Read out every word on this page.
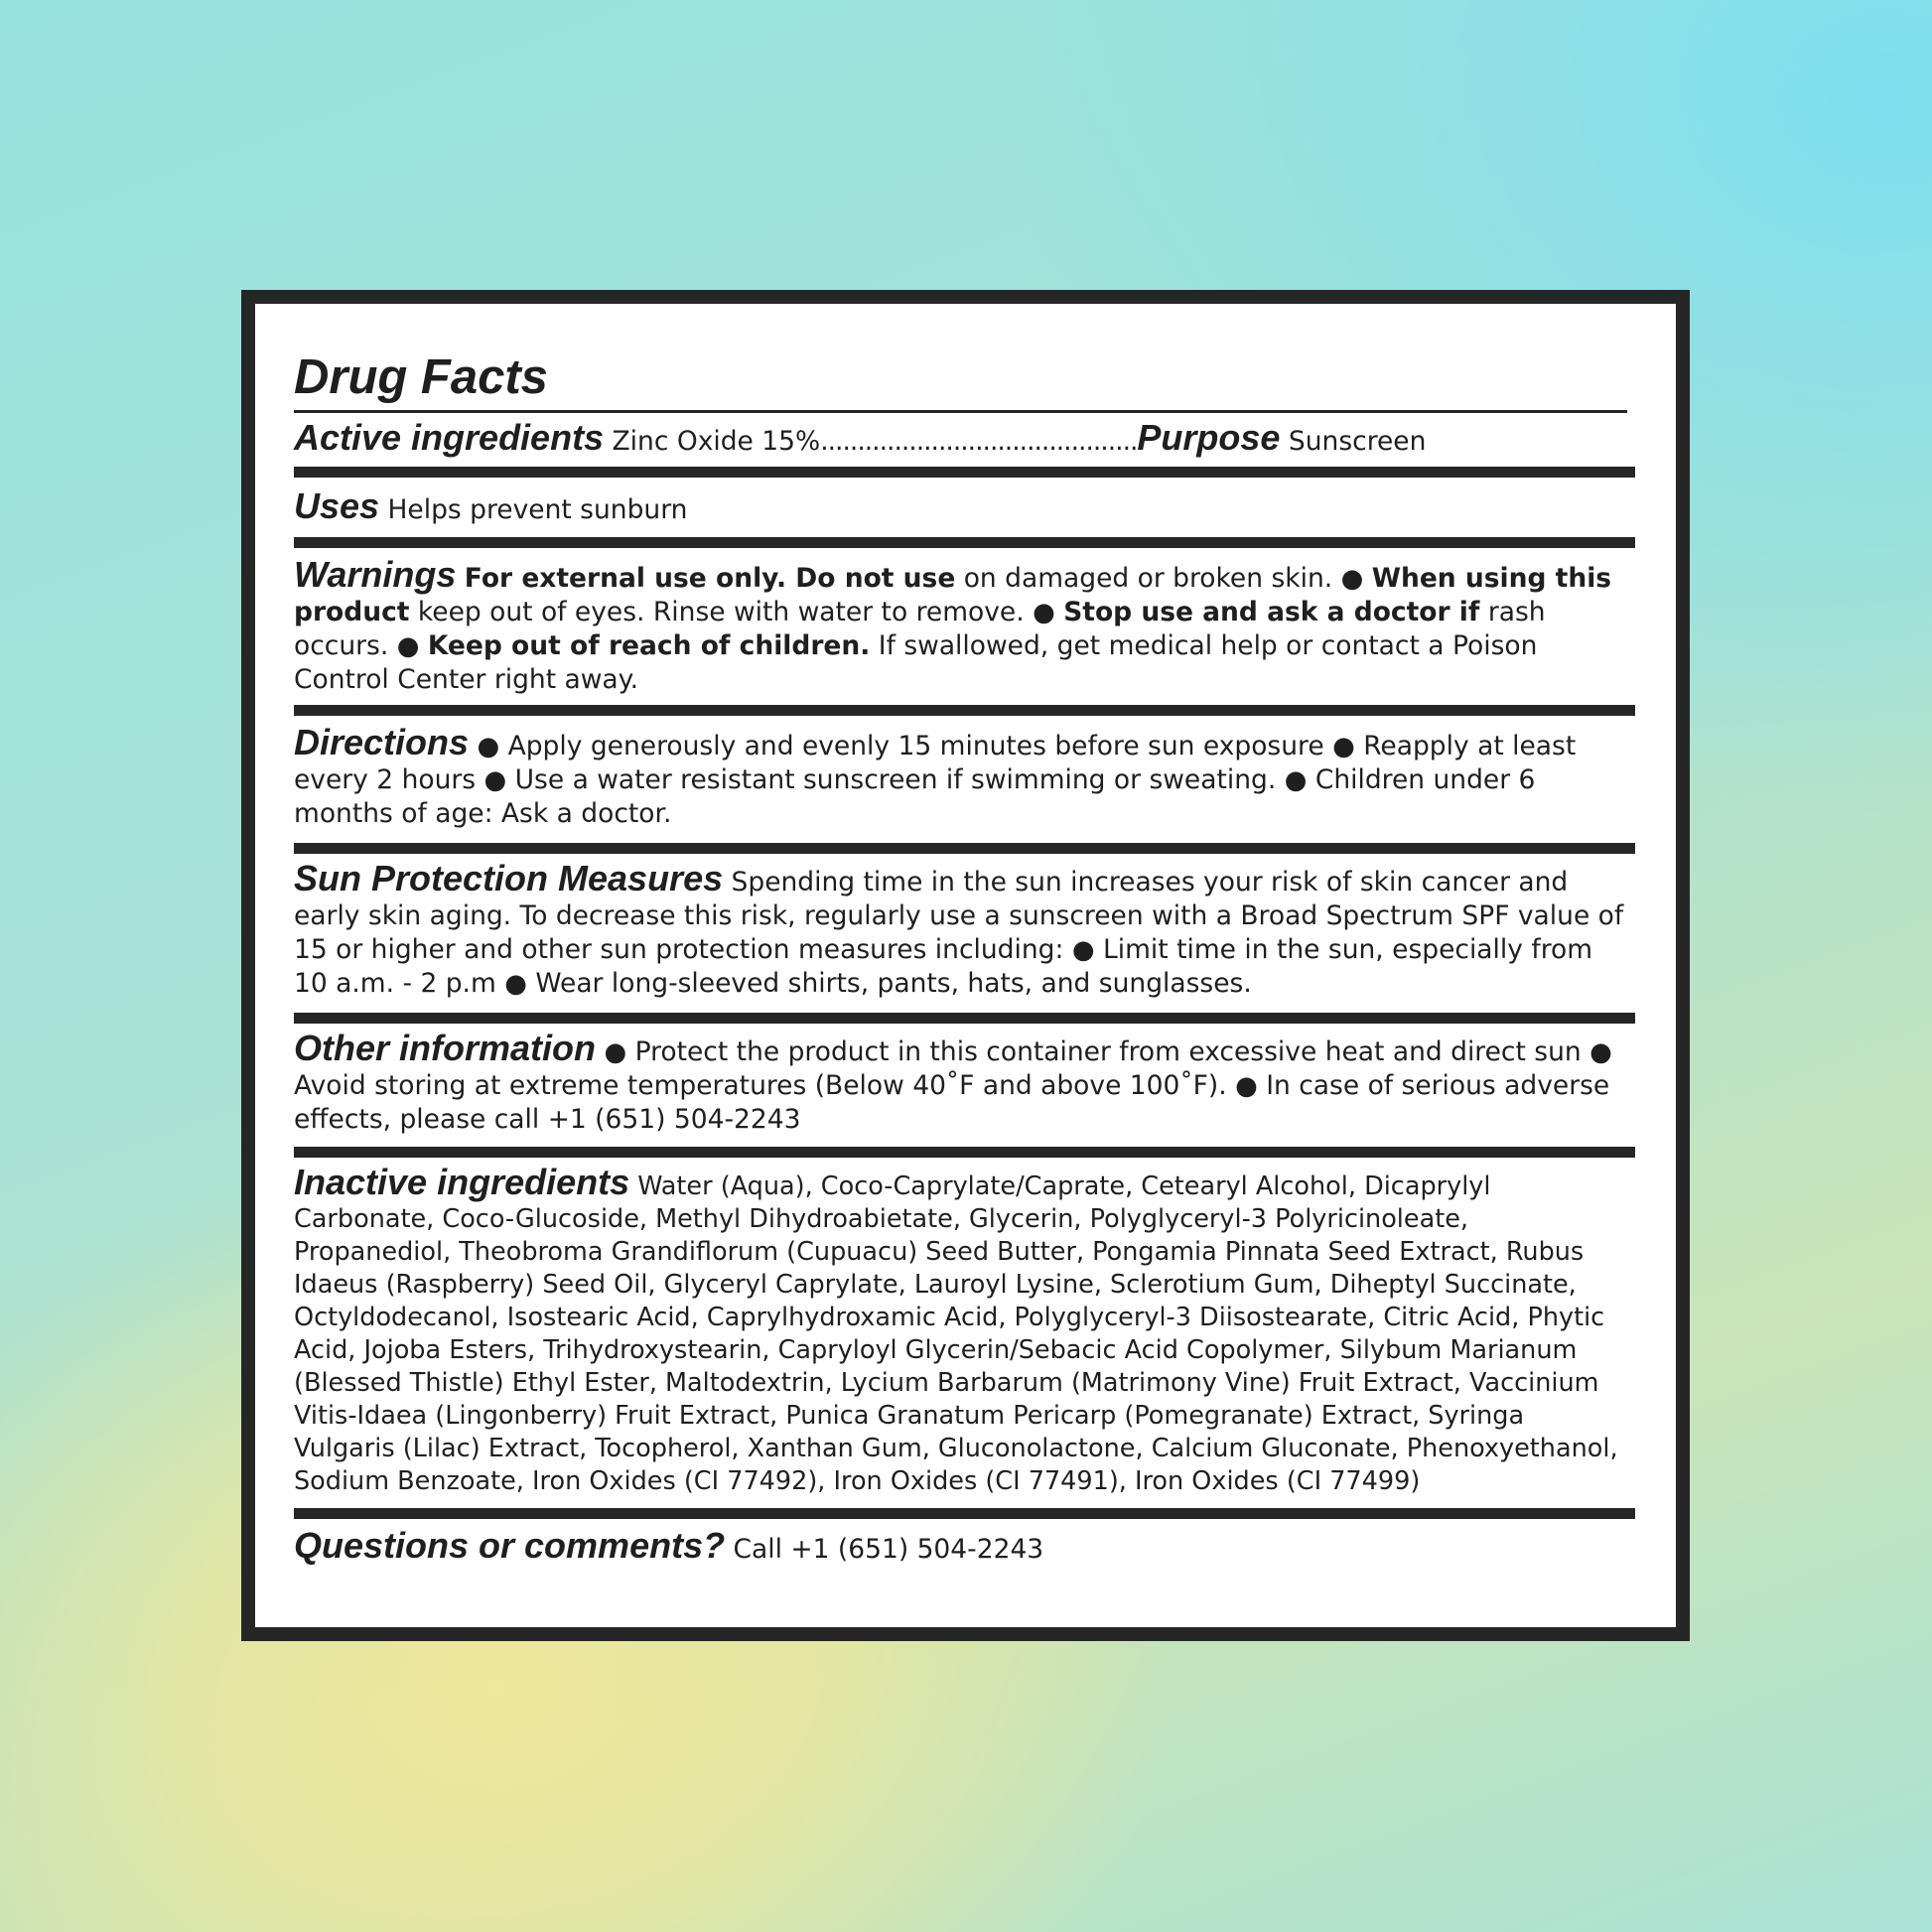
Drug Facts
Active ingredients Zinc Oxide 15%...........................................Purpose Sunscreen
Uses Helps prevent sunburn
Warnings For external use only. Do not use on damaged or broken skin. ● When using this product keep out of eyes. Rinse with water to remove. ● Stop use and ask a doctor if rash occurs. ● Keep out of reach of children. If swallowed, get medical help or contact a Poison Control Center right away.
Directions ● Apply generously and evenly 15 minutes before sun exposure ● Reapply at least every 2 hours ● Use a water resistant sunscreen if swimming or sweating. ● Children under 6 months of age: Ask a doctor.
Sun Protection Measures Spending time in the sun increases your risk of skin cancer and early skin aging. To decrease this risk, regularly use a sunscreen with a Broad Spectrum SPF value of 15 or higher and other sun protection measures including: ● Limit time in the sun, especially from 10 a.m. - 2 p.m ● Wear long-sleeved shirts, pants, hats, and sunglasses.
Other information ● Protect the product in this container from excessive heat and direct sun ● Avoid storing at extreme temperatures (Below 40˚F and above 100˚F). ● In case of serious adverse effects, please call +1 (651) 504-2243
Inactive ingredients Water (Aqua), Coco-Caprylate/Caprate, Cetearyl Alcohol, Dicaprylyl Carbonate, Coco-Glucoside, Methyl Dihydroabietate, Glycerin, Polyglyceryl-3 Polyricinoleate, Propanediol, Theobroma Grandiflorum (Cupuacu) Seed Butter, Pongamia Pinnata Seed Extract, Rubus Idaeus (Raspberry) Seed Oil, Glyceryl Caprylate, Lauroyl Lysine, Sclerotium Gum, Diheptyl Succinate, Octyldodecanol, Isostearic Acid, Caprylhydroxamic Acid, Polyglyceryl-3 Diisostearate, Citric Acid, Phytic Acid, Jojoba Esters, Trihydroxystearin, Capryloyl Glycerin/Sebacic Acid Copolymer, Silybum Marianum (Blessed Thistle) Ethyl Ester, Maltodextrin, Lycium Barbarum (Matrimony Vine) Fruit Extract, Vaccinium Vitis-Idaea (Lingonberry) Fruit Extract, Punica Granatum Pericarp (Pomegranate) Extract, Syringa Vulgaris (Lilac) Extract, Tocopherol, Xanthan Gum, Gluconolactone, Calcium Gluconate, Phenoxyethanol, Sodium Benzoate, Iron Oxides (CI 77492), Iron Oxides (CI 77491), Iron Oxides (CI 77499)
Questions or comments? Call +1 (651) 504-2243
